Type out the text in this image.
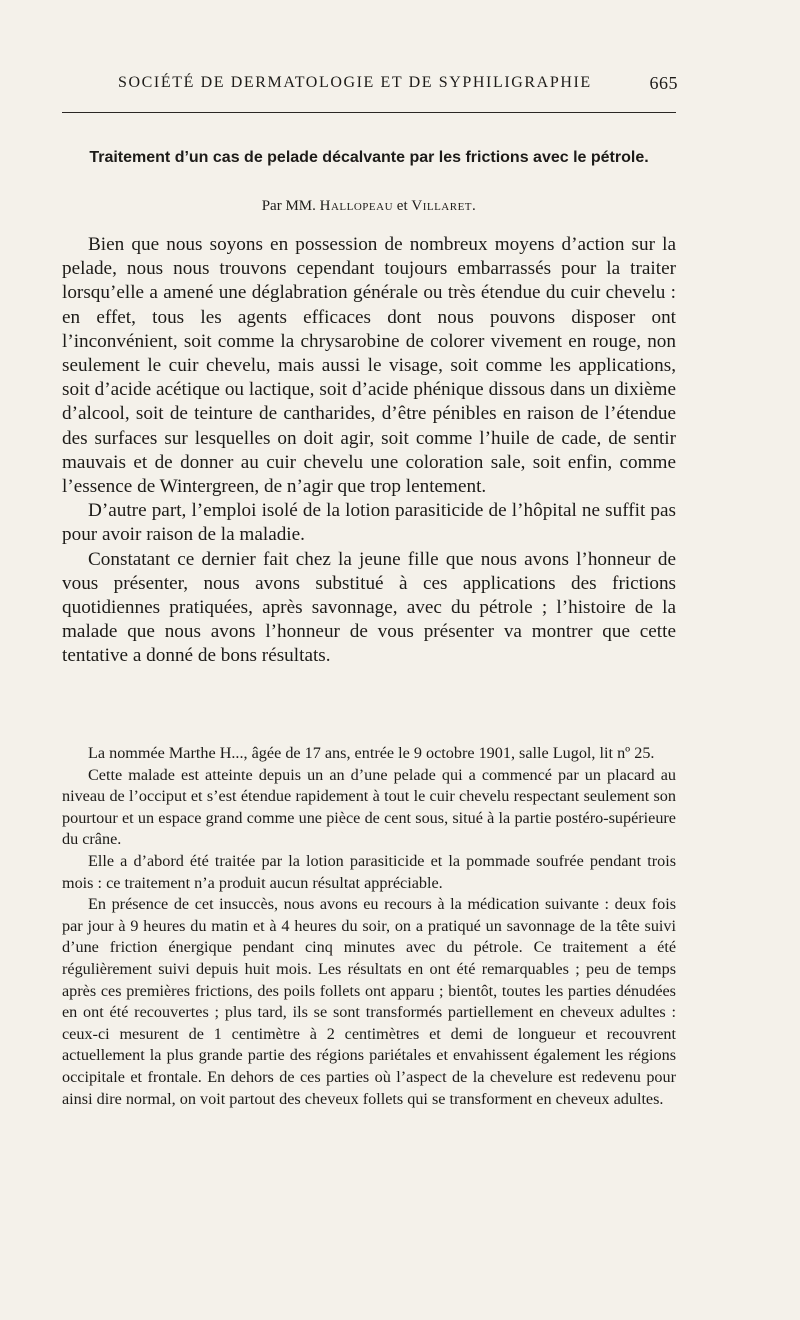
SOCIÉTÉ DE DERMATOLOGIE ET DE SYPHILIGRAPHIE	665
Traitement d’un cas de pelade décalvante par les frictions avec le pétrole.
Par MM. Hallopeau et Villaret.

Bien que nous soyons en possession de nombreux moyens d’action sur la pelade, nous nous trouvons cependant toujours embarrassés pour la traiter lorsqu’elle a amené une déglabration générale ou très étendue du cuir chevelu : en effet, tous les agents efficaces dont nous pouvons disposer ont l’inconvénient, soit comme la chrysarobine de colorer vivement en rouge, non seulement le cuir chevelu, mais aussi le visage, soit comme les applications, soit d’acide acétique ou lactique, soit d’acide phénique dissous dans un dixième d’alcool, soit de teinture de cantharides, d’être pénibles en raison de l’étendue des surfaces sur lesquelles on doit agir, soit comme l’huile de cade, de sentir mauvais et de donner au cuir chevelu une coloration sale, soit enfin, comme l’essence de Wintergreen, de n’agir que trop lentement.

D’autre part, l’emploi isolé de la lotion parasiticide de l’hôpital ne suffit pas pour avoir raison de la maladie.

Constatant ce dernier fait chez la jeune fille que nous avons l’honneur de vous présenter, nous avons substitué à ces applications des frictions quotidiennes pratiquées, après savonnage, avec du pétrole ; l’histoire de la malade que nous avons l’honneur de vous présenter va montrer que cette tentative a donné de bons résultats.

La nommée Marthe H..., âgée de 17 ans, entrée le 9 octobre 1901, salle Lugol, lit nº 25.

Cette malade est atteinte depuis un an d’une pelade qui a commencé par un placard au niveau de l’occiput et s’est étendue rapidement à tout le cuir chevelu respectant seulement son pourtour et un espace grand comme une pièce de cent sous, situé à la partie postéro-supérieure du crâne.

Elle a d’abord été traitée par la lotion parasiticide et la pommade soufrée pendant trois mois : ce traitement n’a produit aucun résultat appréciable.

En présence de cet insuccès, nous avons eu recours à la médication suivante : deux fois par jour à 9 heures du matin et à 4 heures du soir, on a pratiqué un savonnage de la tête suivi d’une friction énergique pendant cinq minutes avec du pétrole. Ce traitement a été régulièrement suivi depuis huit mois. Les résultats en ont été remarquables ; peu de temps après ces premières frictions, des poils follets ont apparu ; bientôt, toutes les parties dénudées en ont été recouvertes ; plus tard, ils se sont transformés partiellement en cheveux adultes : ceux-ci mesurent de 1 centimètre à 2 centimètres et demi de longueur et recouvrent actuellement la plus grande partie des régions pariétales et envahissent également les régions occipitale et frontale. En dehors de ces parties où l’aspect de la chevelure est redevenu pour ainsi dire normal, on voit partout des cheveux follets qui se transforment en cheveux adultes.
